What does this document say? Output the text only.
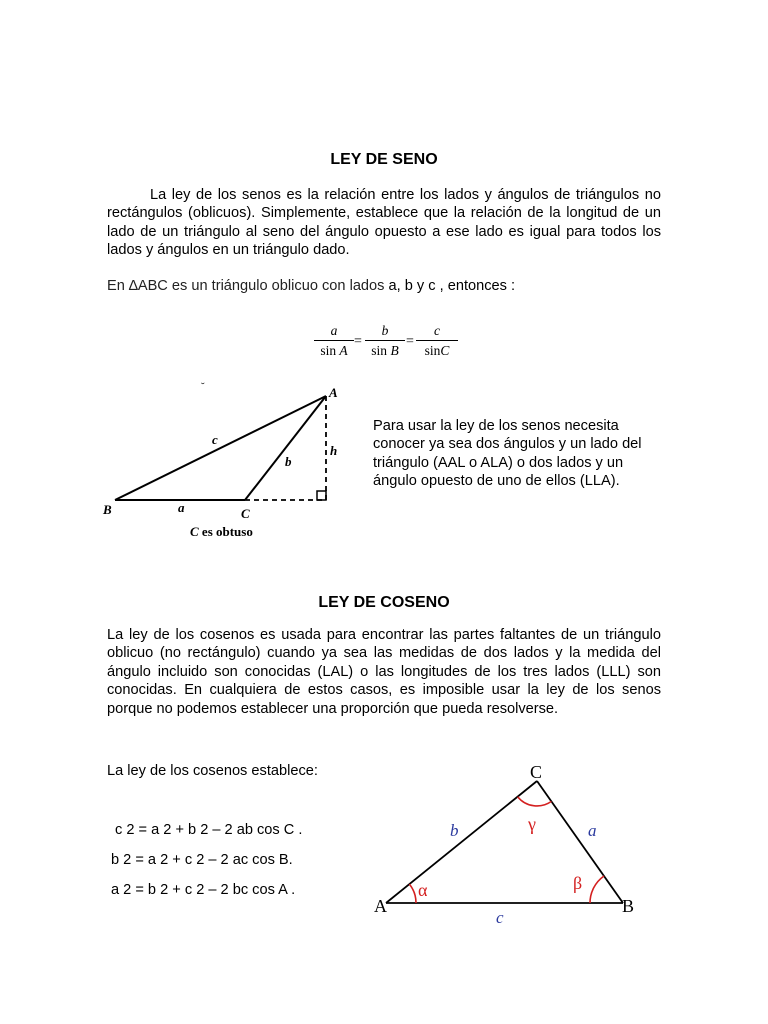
LEY DE SENO

La ley de los senos es la relación entre los lados y ángulos de triángulos no rectángulos (oblicuos). Simplemente, establece que la relación de la longitud de un lado de un triángulo al seno del ángulo opuesto a ese lado es igual para todos los lados y ángulos en un triángulo dado.

En ∆ABC es un triángulo oblicuo con lados a, b y c , entonces :
a
sin A
=
b
sin B
=
c
sinC
˘	A
B	C
c
b
a
h
C es obtuso

Para usar la ley de los senos necesita conocer ya sea dos ángulos y un lado del triángulo (AAL o ALA) o dos lados y un ángulo opuesto de uno de ellos (LLA).

LEY DE COSENO

La ley de los cosenos es usada para encontrar las partes faltantes de un triángulo oblicuo (no rectángulo) cuando ya sea las medidas de dos lados y la medida del ángulo incluido son conocidas (LAL) o las longitudes de los tres lados (LLL) son conocidas. En cualquiera de estos casos, es imposible usar la ley de los senos porque no podemos establecer una proporción que pueda resolverse.

La ley de los cosenos establece:
c 2 = a 2 + b 2 – 2 ab cos C .
b 2 = a 2 + c 2 – 2 ac cos B.
a 2 = b 2 + c 2 – 2 bc cos A .
C
A	B
b	a
c
α	β
γ
